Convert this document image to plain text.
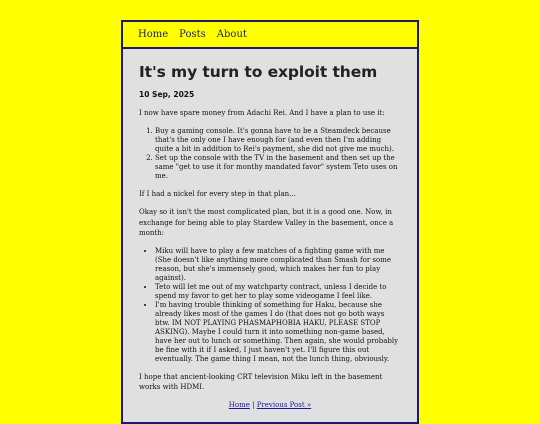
Home Posts About
It's my turn to exploit them
10 Sep, 2025

I now have spare money from Adachi Rei. And I have a plan to use it:

1. Buy a gaming console. It's gonna have to be a Steamdeck because that's the only one I have enough for (and even then I'm adding quite a bit in addition to Rei's payment, she did not give me much).
2. Set up the console with the TV in the basement and then set up the same "get to use it for monthy mandated favor" system Teto uses on me.

If I had a nickel for every step in that plan...

Okay so it isn't the most complicated plan, but it is a good one. Now, in exchange for being able to play Stardew Valley in the basement, once a month:

• Miku will have to play a few matches of a fighting game with me (She doesn't like anything more complicated than Smash for some reason, but she's immensely good, which makes her fun to play against).
• Teto will let me out of my watchparty contract, unless I decide to spend my favor to get her to play some videogame I feel like.
• I'm having trouble thinking of something for Haku, because she already likes most of the games I do (that does not go both ways btw. IM NOT PLAYING PHASMAPHOBIA HAKU, PLEASE STOP ASKING). Maybe I could turn it into something non-game based, have her out to lunch or something. Then again, she would probably be fine with it if I asked, I just haven't yet. I'll figure this out eventually. The game thing I mean, not the lunch thing, obviously.

I hope that ancient-looking CRT television Miku left in the basement works with HDMI.

Home | Previous Post »
